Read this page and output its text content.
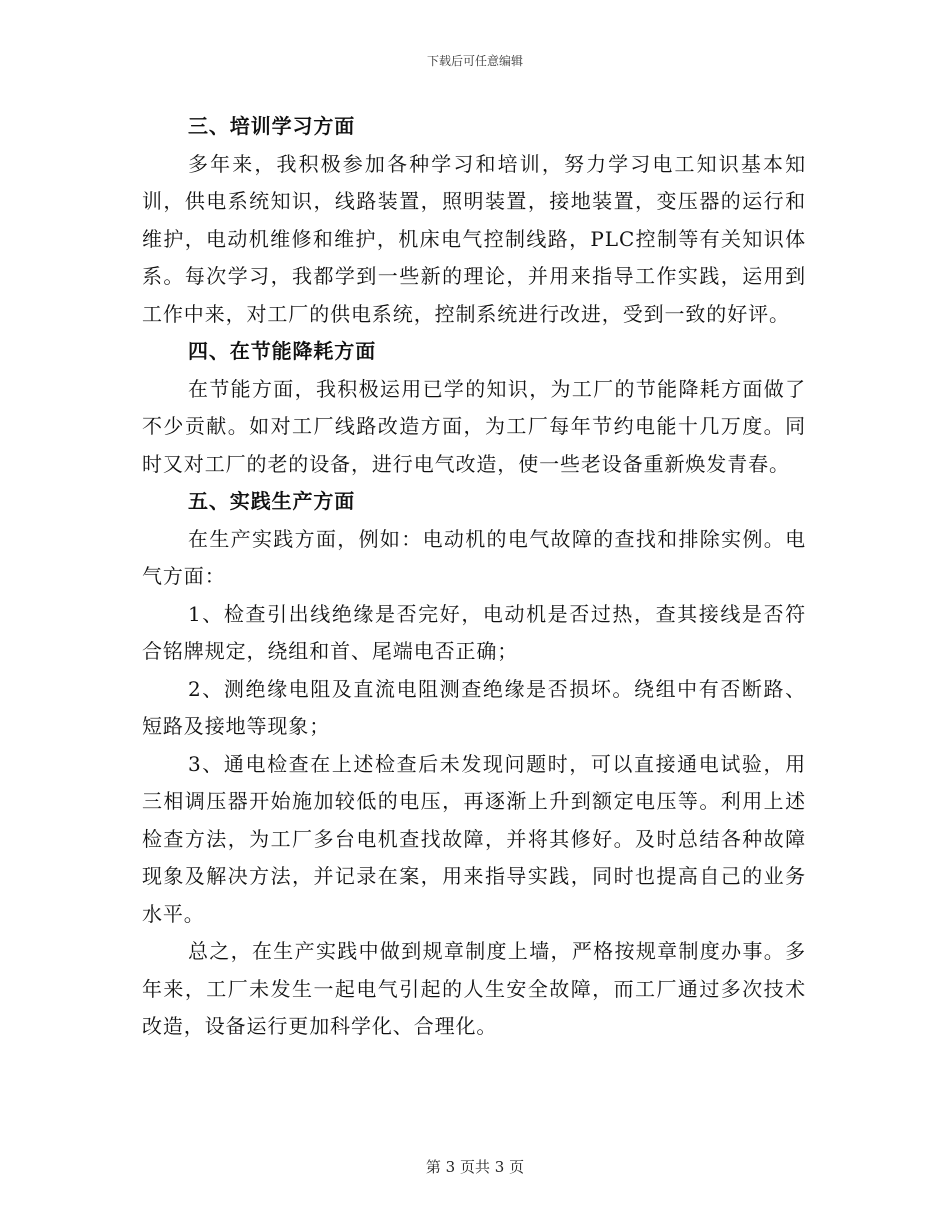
下载后可任意编辑
三、培训学习方面

多年来，我积极参加各种学习和培训，努力学习电工知识基本知训，供电系统知识，线路装置，照明装置，接地装置，变压器的运行和维护，电动机维修和维护，机床电气控制线路，PLC控制等有关知识体系。每次学习，我都学到一些新的理论，并用来指导工作实践，运用到工作中来，对工厂的供电系统，控制系统进行改进，受到一致的好评。

四、在节能降耗方面

在节能方面，我积极运用已学的知识，为工厂的节能降耗方面做了不少贡献。如对工厂线路改造方面，为工厂每年节约电能十几万度。同时又对工厂的老的设备，进行电气改造，使一些老设备重新焕发青春。

五、实践生产方面

在生产实践方面，例如：电动机的电气故障的查找和排除实例。电气方面：

1、检查引出线绝缘是否完好，电动机是否过热，查其接线是否符合铭牌规定，绕组和首、尾端电否正确；

2、测绝缘电阻及直流电阻测查绝缘是否损坏。绕组中有否断路、短路及接地等现象；

3、通电检查在上述检查后未发现问题时，可以直接通电试验，用三相调压器开始施加较低的电压，再逐渐上升到额定电压等。利用上述检查方法，为工厂多台电机查找故障，并将其修好。及时总结各种故障现象及解决方法，并记录在案，用来指导实践，同时也提高自己的业务水平。

总之，在生产实践中做到规章制度上墙，严格按规章制度办事。多年来，工厂未发生一起电气引起的人生安全故障，而工厂通过多次技术改造，设备运行更加科学化、合理化。

第 3 页共 3 页
